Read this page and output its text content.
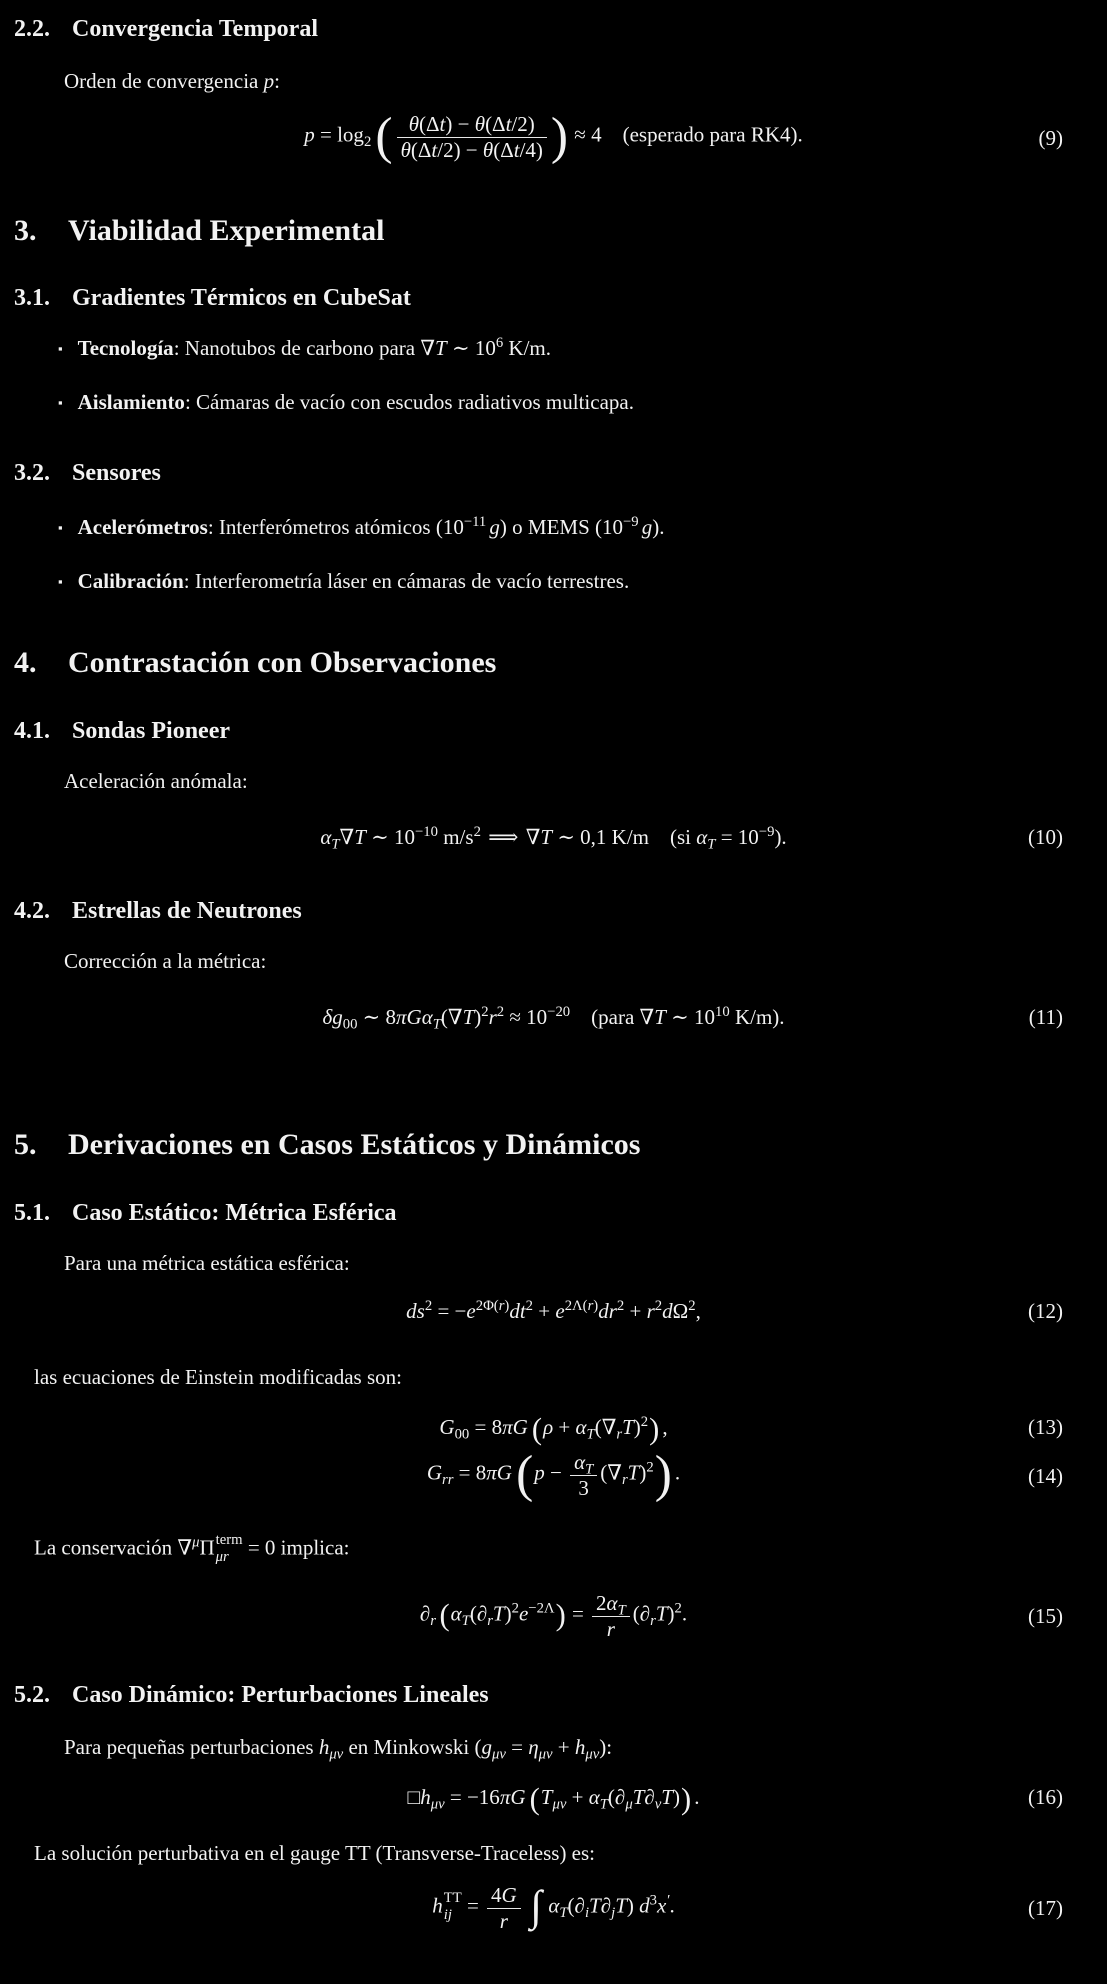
2.2. Convergencia Temporal

Orden de convergencia p:

$p = \log_2( \frac{\theta(\Delta t) - \theta(\Delta t/2)}{\theta(\Delta t/2) - \theta(\Delta t/4)}$ ) ≈ 4 (esperado para RK4).	(9)
3. Viabilidad Experimental
3.1. Gradientes Térmicos en CubeSat
▪ Tecnología: Nanotubos de carbono para ∇T ∼ $10^6$ K/m.
▪ Aislamiento: Cámaras de vacío con escudos radiativos multicapa.
3.2. Sensores
▪ Acelerómetros: Interferómetros atómicos ($10^{-11}$ g) o MEMS ($10^{-9}$ g).
▪ Calibración: Interferometría láser en cámaras de vacío terrestres.
4. Contrastación con Observaciones
4.1. Sondas Pioneer

Aceleración anómala:

$\alpha_T\nabla T$ ∼ $10^{-10}$ $m/s^2$ ⟹ ∇T ∼ 0,1 K/m (si $\alpha_T = 10^{-9}$).	(10)
4.2. Estrellas de Neutrones

Corrección a la métrica:

$\delta g_{00}$ ∼ $8\pi G\alpha_T(\nabla T)^2r^2 \approx 10^{-20}$ (para ∇T ∼ $10^{10}$ K/m).	(11)
5. Derivaciones en Casos Estáticos y Dinámicos
5.1. Caso Estático: Métrica Esférica

Para una métrica estática esférica:

$ds^2 = -e^{2\Phi(r)}dt^2 + e^{2\Lambda(r)}dr^2 + r^2d\Omega^2$,	(12)

las ecuaciones de Einstein modificadas son:

$G_{00} = 8\pi G$ $(\rho + \alpha_T(\nabla_rT)^2)$ ,	(13)
$G_{rr} = 8\pi G(p - \frac{\alpha_T}{3} (\nabla_rT)^2)$ .	(14)

La conservación ∇$^\mu$Π term
μr = 0 implica:

$\partial_r$ $(\alpha_T(\partial_rT)^2e^{-2\Lambda}) = \frac{2\alpha_T}{r} (\partial_rT)^2$.	(15)
5.2. Caso Dinámico: Perturbaciones Lineales

Para pequeñas perturbaciones $h_{\mu\nu}$ en Minkowski $(g_{\mu\nu} = \eta_{\mu\nu} + h_{\mu\nu})$:

$□h_{\mu\nu} = -16\pi G$ $(T_{\mu\nu} + \alpha_T(\partial_\mu T\partial_\nu T))$ .	(16)

La solución perturbativa en el gauge TT (Transverse-Traceless) es:

h TT
ij = $\frac{4G}{r}$ ∫ $\alpha_T(\partial_iT\partial_jT)$ $d^3x'$.	(17)
